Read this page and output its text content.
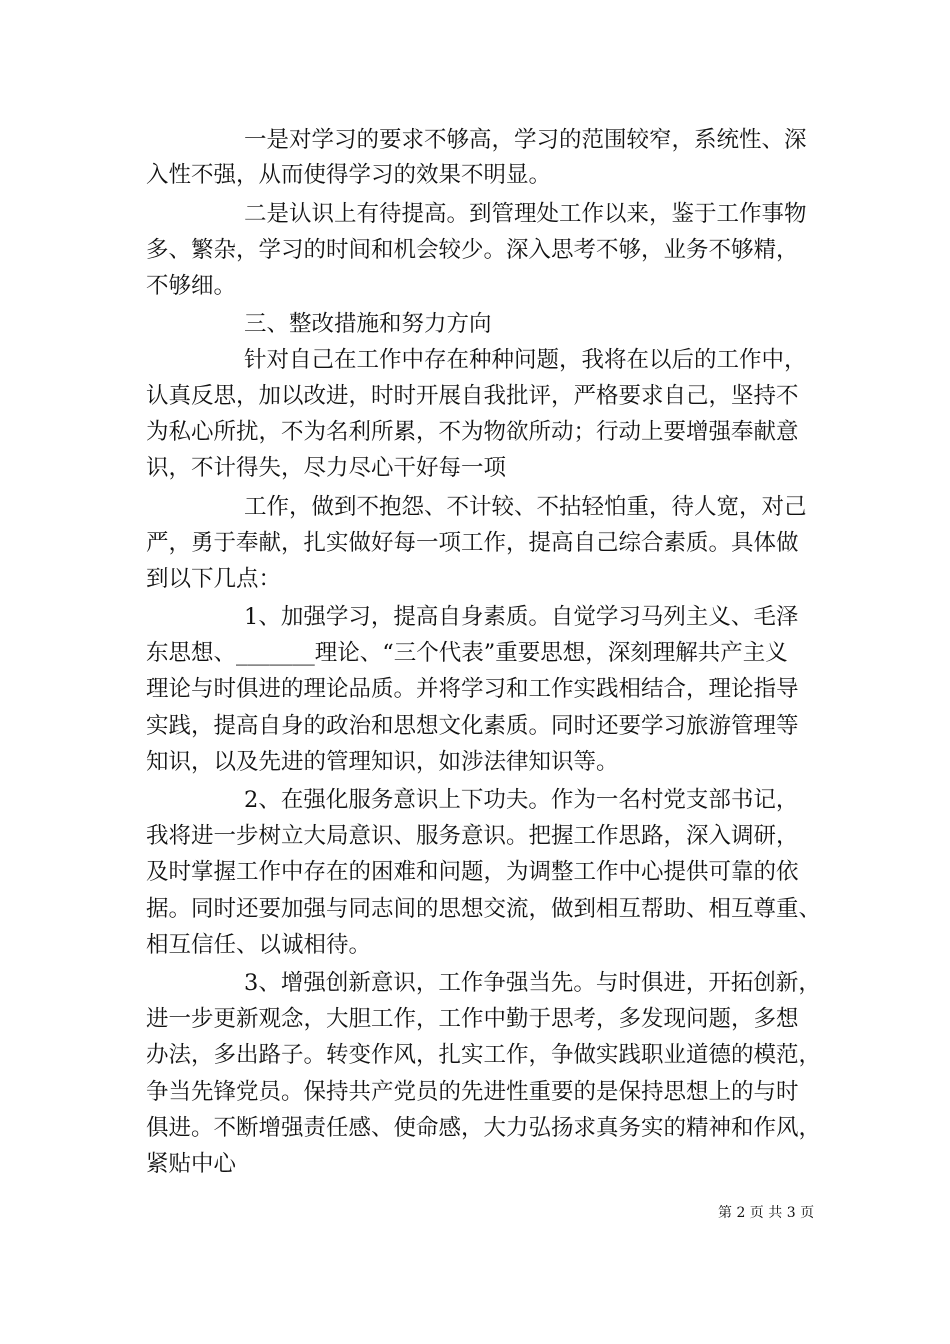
一是对学习的要求不够高，学习的范围较窄，系统性、深
入性不强，从而使得学习的效果不明显。
二是认识上有待提高。到管理处工作以来，鉴于工作事物
多、繁杂，学习的时间和机会较少。深入思考不够，业务不够精，
不够细。
三、整改措施和努力方向
针对自己在工作中存在种种问题，我将在以后的工作中，
认真反思，加以改进，时时开展自我批评，严格要求自己，坚持不
为私心所扰，不为名利所累，不为物欲所动；行动上要增强奉献意
识，不计得失，尽力尽心干好每一项
工作，做到不抱怨、不计较、不拈轻怕重，待人宽，对己
严，勇于奉献，扎实做好每一项工作，提高自己综合素质。具体做
到以下几点：
1、加强学习，提高自身素质。自觉学习马列主义、毛泽
东思想、_______理论、“三个代表”重要思想，深刻理解共产主义
理论与时俱进的理论品质。并将学习和工作实践相结合，理论指导
实践，提高自身的政治和思想文化素质。同时还要学习旅游管理等
知识，以及先进的管理知识，如涉法律知识等。
2、在强化服务意识上下功夫。作为一名村党支部书记，
我将进一步树立大局意识、服务意识。把握工作思路，深入调研，
及时掌握工作中存在的困难和问题，为调整工作中心提供可靠的依
据。同时还要加强与同志间的思想交流，做到相互帮助、相互尊重、
相互信任、以诚相待。
3、增强创新意识，工作争强当先。与时俱进，开拓创新，
进一步更新观念，大胆工作，工作中勤于思考，多发现问题，多想
办法，多出路子。转变作风，扎实工作，争做实践职业道德的模范，
争当先锋党员。保持共产党员的先进性重要的是保持思想上的与时
俱进。不断增强责任感、使命感，大力弘扬求真务实的精神和作风，
紧贴中心
第 2 页 共 3 页
